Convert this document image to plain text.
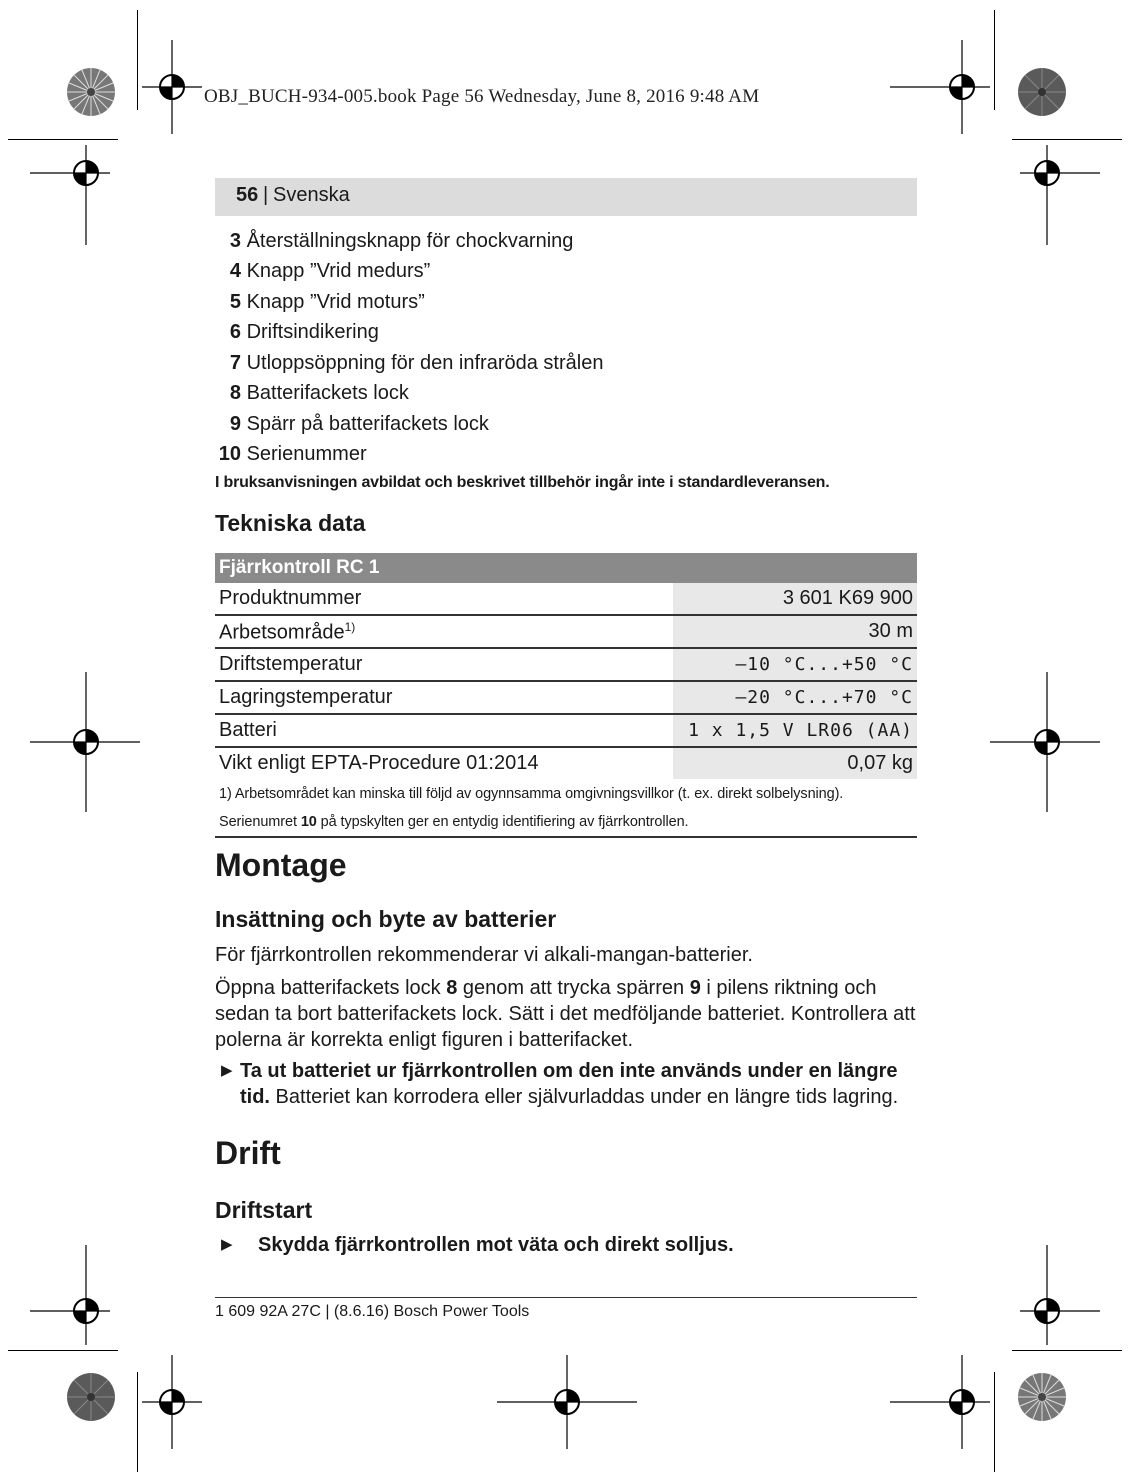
OBJ_BUCH-934-005.book Page 56 Wednesday, June 8, 2016 9:48 AM
56 | Svenska
3 Återställningsknapp för chockvarning
4 Knapp ”Vrid medurs”
5 Knapp ”Vrid moturs”
6 Driftsindikering
7 Utloppsöppning för den infraröda strålen
8 Batterifackets lock
9 Spärr på batterifackets lock
10 Serienummer
I bruksanvisningen avbildat och beskrivet tillbehör ingår inte i standardleveransen.
Tekniska data
Fjärrkontroll RC 1
Produktnummer	3 601 K69 900
Arbetsområde$^{1)}$	30 m
Driftstemperatur	–10 °C...+50 °C
Lagringstemperatur	–20 °C...+70 °C
Batteri	1 x 1,5 V LR06 (AA)
Vikt enligt EPTA-Procedure 01:2014	0,07 kg
1) Arbetsområdet kan minska till följd av ogynnsamma omgivningsvillkor (t. ex. direkt solbelysning).
Serienumret 10 på typskylten ger en entydig identifiering av fjärrkontrollen.
Montage
Insättning och byte av batterier
För fjärrkontrollen rekommenderar vi alkali-mangan-batterier.
Öppna batterifackets lock 8 genom att trycka spärren 9 i pilens riktning och sedan ta bort batterifackets lock. Sätt i det medföljande batteriet. Kontrollera att polerna är korrekta enligt figuren i batterifacket.
▶ Ta ut batteriet ur fjärrkontrollen om den inte används under en längre tid. Batteriet kan korrodera eller självurladdas under en längre tids lagring.
Drift
Driftstart
▶	Skydda fjärrkontrollen mot väta och direkt solljus.
1 609 92A 27C | (8.6.16) Bosch Power Tools
